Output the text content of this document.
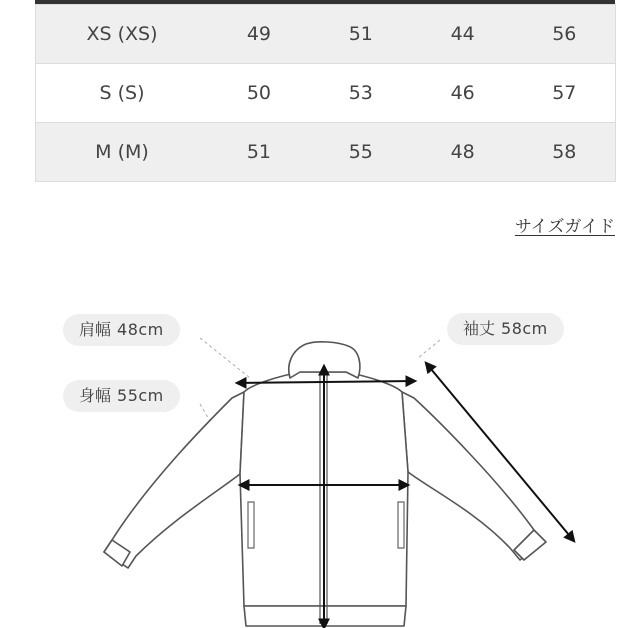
XS (XS)	49	51	44	56
S (S)	50	53	46	57
M (M)	51	55	48	58
サイズガイド
肩幅 48cm
身幅 55cm
袖丈 58cm
